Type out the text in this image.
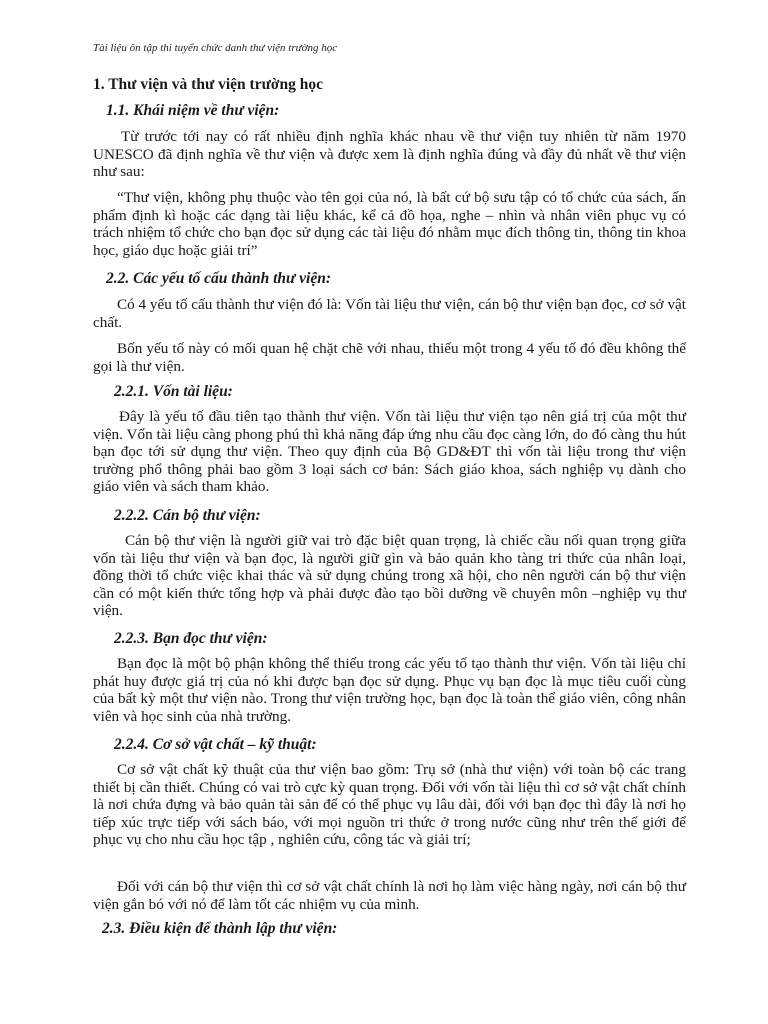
Tài liệu ôn tập thi tuyển chức danh thư viện trường học
1. Thư viện và thư viện trường học
1.1. Khái niệm về thư viện:
Từ trước tới nay có rất nhiều định nghĩa khác nhau về thư viện tuy nhiên từ năm 1970 UNESCO đã định nghĩa về thư viện và được xem là định nghĩa đúng và đầy đủ nhất về thư viện như sau:
“Thư viện, không phụ thuộc vào tên gọi của nó, là bất cứ bộ sưu tập có tổ chức của sách, ấn phẩm định kì hoặc các dạng tài liệu khác, kể cả đồ họa, nghe – nhìn và nhân viên phục vụ có trách nhiệm tổ chức cho bạn đọc sử dụng các tài liệu đó nhằm mục đích thông tin, thông tin khoa học, giáo dục hoặc giải trí”
2.2. Các yếu tố cấu thành thư viện:
Có 4 yếu tố cấu thành thư viện đó là: Vốn tài liệu thư viện, cán bộ thư viện bạn đọc, cơ sở vật chất.
Bốn yếu tố này có mối quan hệ chặt chẽ với nhau, thiếu một trong 4 yếu tố đó đều không thể gọi là thư viện.
2.2.1. Vốn tài liệu:
Đây là yếu tố đầu tiên tạo thành thư viện. Vốn tài liệu thư viện tạo nên giá trị của một thư viện. Vốn tài liệu càng phong phú thì khả năng đáp ứng nhu cầu đọc càng lớn, do đó càng thu hút bạn đọc tới sử dụng thư viện. Theo quy định của Bộ GD&ĐT thì vốn tài liệu trong thư viện trường phổ thông phải bao gồm 3 loại sách cơ bản: Sách giáo khoa, sách nghiệp vụ dành cho giáo viên và sách tham khảo.
2.2.2. Cán bộ thư viện:
Cán bộ thư viện là người giữ vai trò đặc biệt quan trọng, là chiếc cầu nối quan trọng giữa vốn tài liệu thư viện và bạn đọc, là người giữ gìn và bảo quản kho tàng tri thức của nhân loại, đồng thời tổ chức việc khai thác và sử dụng chúng trong xã hội, cho nên người cán bộ thư viện cần có một kiến thức tổng hợp và phải được đào tạo bồi dưỡng về chuyên môn –nghiệp vụ thư viện.
2.2.3. Bạn đọc thư viện:
Bạn đọc là một bộ phận không thể thiếu trong các yếu tố tạo thành thư viện. Vốn tài liệu chỉ phát huy được giá trị của nó khi được bạn đọc sử dụng. Phục vụ bạn đọc là mục tiêu cuối cùng của bất kỳ một thư viện nào. Trong thư viện trường học, bạn đọc là toàn thể giáo viên, công nhân viên và học sinh của nhà trường.
2.2.4. Cơ sở vật chất – kỹ thuật:
Cơ sở vật chất kỹ thuật của thư viện bao gồm: Trụ sở (nhà thư viện) với toàn bộ các trang thiết bị cần thiết. Chúng có vai trò cực kỳ quan trọng. Đối với vốn tài liệu thì cơ sở vật chất chính là nơi chứa đựng và bảo quản tài sản để có thể phục vụ lâu dài, đối với bạn đọc thì đây là nơi họ tiếp xúc trực tiếp với sách báo, với mọi nguồn tri thức ở trong nước cũng như trên thế giới để phục vụ cho nhu cầu học tập , nghiên cứu, công tác và giải trí;
Đối với cán bộ thư viện thì cơ sở vật chất chính là nơi họ làm việc hàng ngày, nơi cán bộ thư viện gắn bó với nó để làm tốt các nhiệm vụ của mình.
2.3. Điều kiện để thành lập thư viện:
